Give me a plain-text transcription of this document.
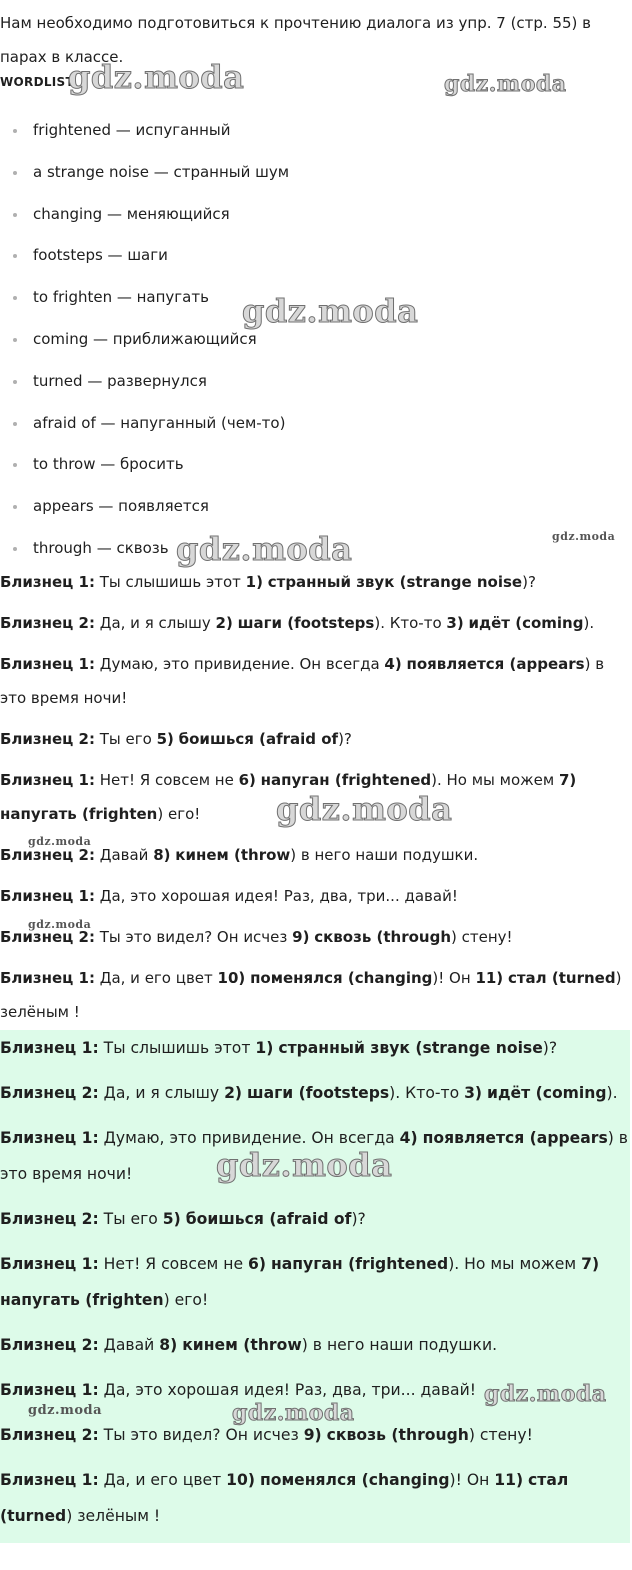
Нам необходимо подготовиться к прочтению диалога из упр. 7 (стр. 55) в парах в классе.
WORDLIST
frightened — испуганный
a strange noise — странный шум
changing — меняющийся
footsteps — шаги
to frighten — напугать
coming — приближающийся
turned — развернулся
afraid of — напуганный (чем-то)
to throw — бросить
appears — появляется
through — сквозь
Близнец 1: Ты слышишь этот 1) странный звук (strange noise)?
Близнец 2: Да, и я слышу 2) шаги (footsteps). Кто-то 3) идёт (coming).
Близнец 1: Думаю, это привидение. Он всегда 4) появляется (appears) в это время ночи!
Близнец 2: Ты его 5) боишься (afraid of)?
Близнец 1: Нет! Я совсем не 6) напуган (frightened). Но мы можем 7) напугать (frighten) его!
Близнец 2: Давай 8) кинем (throw) в него наши подушки.
Близнец 1: Да, это хорошая идея! Раз, два, три... давай!
Близнец 2: Ты это видел? Он исчез 9) сквозь (through) стену!
Близнец 1: Да, и его цвет 10) поменялся (changing)! Он 11) стал (turned) зелёным !
Близнец 1: Ты слышишь этот 1) странный звук (strange noise)?
Близнец 2: Да, и я слышу 2) шаги (footsteps). Кто-то 3) идёт (coming).
Близнец 1: Думаю, это привидение. Он всегда 4) появляется (appears) в это время ночи!
Близнец 2: Ты его 5) боишься (afraid of)?
Близнец 1: Нет! Я совсем не 6) напуган (frightened). Но мы можем 7) напугать (frighten) его!
Близнец 2: Давай 8) кинем (throw) в него наши подушки.
Близнец 1: Да, это хорошая идея! Раз, два, три... давай!
Близнец 2: Ты это видел? Он исчез 9) сквозь (through) стену!
Близнец 1: Да, и его цвет 10) поменялся (changing)! Он 11) стал (turned) зелёным !
gdz.moda	gdz.moda
gdz.moda
gdz.moda
gdz.moda
gdz.moda
gdz.moda
gdz.moda
gdz.moda
gdz.moda
gdz.moda	gdz.moda
